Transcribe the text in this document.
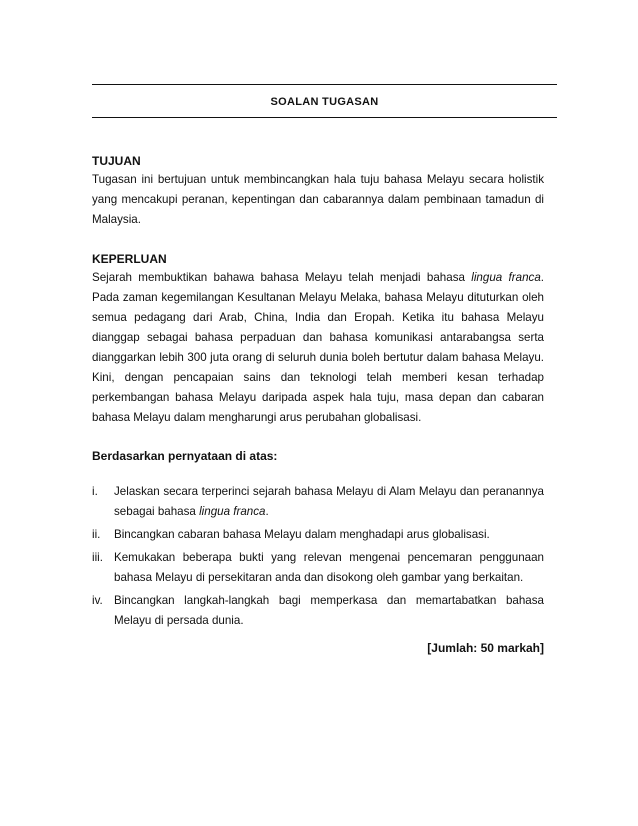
SOALAN TUGASAN
TUJUAN
Tugasan ini bertujuan untuk membincangkan hala tuju bahasa Melayu secara holistik yang mencakupi peranan, kepentingan dan cabarannya dalam pembinaan tamadun di Malaysia.
KEPERLUAN
Sejarah membuktikan bahawa bahasa Melayu telah menjadi bahasa lingua franca. Pada zaman kegemilangan Kesultanan Melayu Melaka, bahasa Melayu dituturkan oleh semua pedagang dari Arab, China, India dan Eropah. Ketika itu bahasa Melayu dianggap sebagai bahasa perpaduan dan bahasa komunikasi antarabangsa serta dianggarkan lebih 300 juta orang di seluruh dunia boleh bertutur dalam bahasa Melayu. Kini, dengan pencapaian sains dan teknologi telah memberi kesan terhadap perkembangan bahasa Melayu daripada aspek hala tuju, masa depan dan cabaran bahasa Melayu dalam mengharungi arus perubahan globalisasi.
Berdasarkan pernyataan di atas:
i. Jelaskan secara terperinci sejarah bahasa Melayu di Alam Melayu dan peranannya sebagai bahasa lingua franca.
ii. Bincangkan cabaran bahasa Melayu dalam menghadapi arus globalisasi.
iii. Kemukakan beberapa bukti yang relevan mengenai pencemaran penggunaan bahasa Melayu di persekitaran anda dan disokong oleh gambar yang berkaitan.
iv. Bincangkan langkah-langkah bagi memperkasa dan memartabatkan bahasa Melayu di persada dunia.
[Jumlah: 50 markah]
